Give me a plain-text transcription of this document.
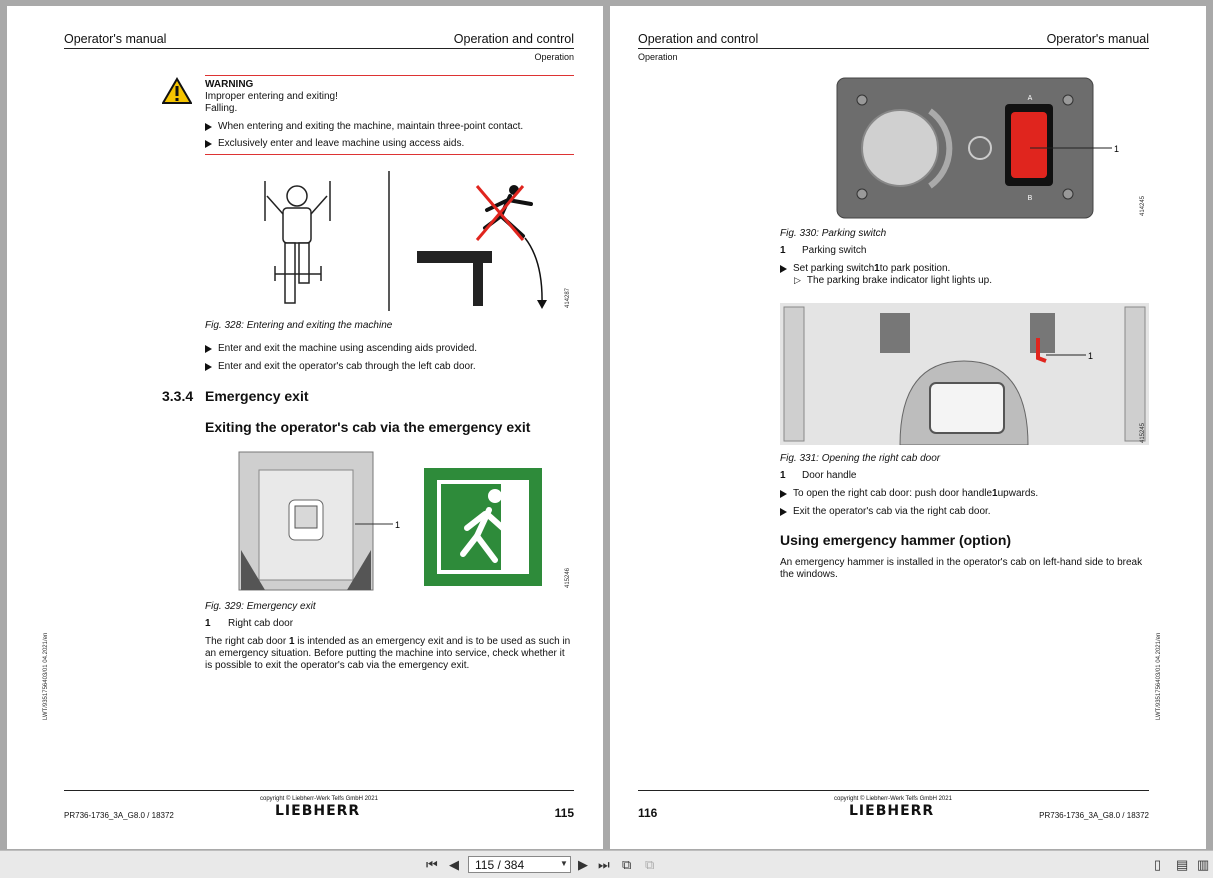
Operator's manual	Operation and control
Operation
WARNING
Improper entering and exiting!
Falling.
When entering and exiting the machine, maintain three-point contact.
Exclusively enter and leave machine using access aids.
414287
Fig. 328: Entering and exiting the machine
Enter and exit the machine using ascending aids provided.
Enter and exit the operator's cab through the left cab door.
3.3.4 Emergency exit
Exiting the operator's cab via the emergency exit
1
415246
Fig. 329: Emergency exit
1 Right cab door
The right cab door 1 is intended as an emergency exit and is to be used as such in
an emergency situation. Before putting the machine into service, check whether it
is possible to exit the operator's cab via the emergency exit.
LWT/9351756403/01 04.2021/en
copyright © Liebherr-Werk Telfs GmbH 2021
LIEBHERR
PR736-1736_3A_G8.0 / 18372	115
Operation and control	Operator's manual
Operation
A
B
1
414245
Fig. 330: Parking switch
1 Parking switch
Set parking switch 1 to park position.
▷ The parking brake indicator light lights up.
1
415245
Fig. 331: Opening the right cab door
1 Door handle
To open the right cab door: push door handle 1 upwards.
Exit the operator's cab via the right cab door.
Using emergency hammer (option)
An emergency hammer is installed in the operator's cab on left-hand side to break
the windows.
LWT/9351756403/01 04.2021/en
copyright © Liebherr-Werk Telfs GmbH 2021
LIEBHERR	PR736-1736_3A_G8.0 / 18372
116
⏮ ◀	115 / 384	▼ ▶ ⏭ ⧉ ⧉	▯ ▤ ▥
